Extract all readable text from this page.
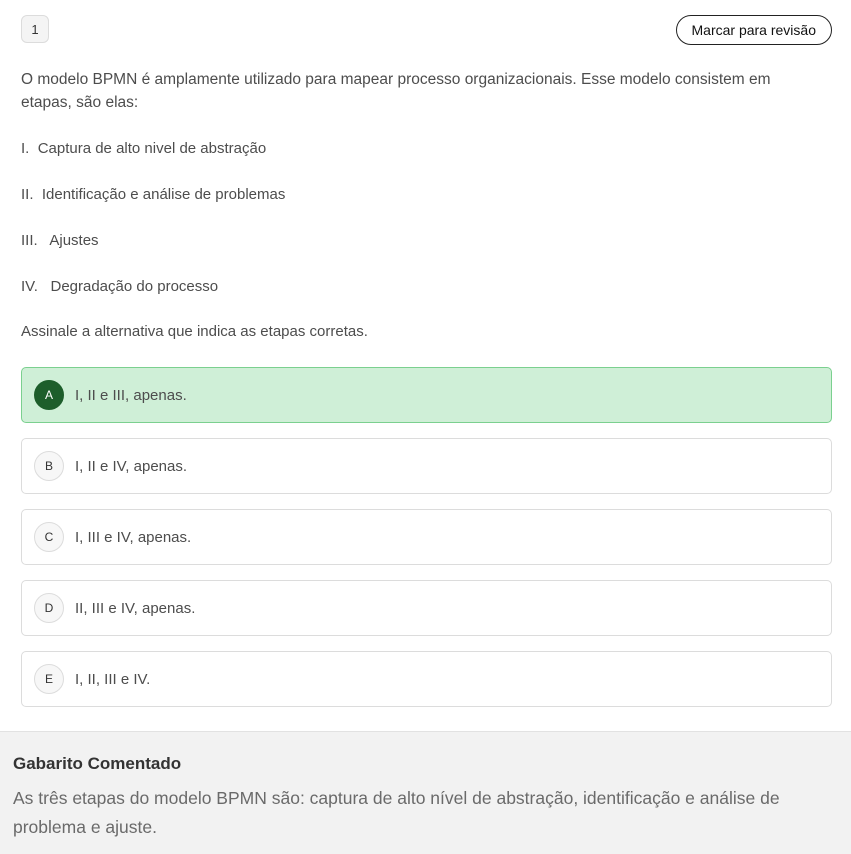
1	Marcar para revisão
O modelo BPMN é amplamente utilizado para mapear processo organizacionais. Esse modelo consistem em etapas, são elas:
I. Captura de alto nivel de abstração
II. Identificação e análise de problemas
III. Ajustes
IV. Degradação do processo
Assinale a alternativa que indica as etapas corretas.
A	I, II e III, apenas.
B	I, II e IV, apenas.
C	I, III e IV, apenas.
D	II, III e IV, apenas.
E	I, II, III e IV.
Gabarito Comentado
As três etapas do modelo BPMN são: captura de alto nível de abstração, identificação e análise de problema e ajuste.
